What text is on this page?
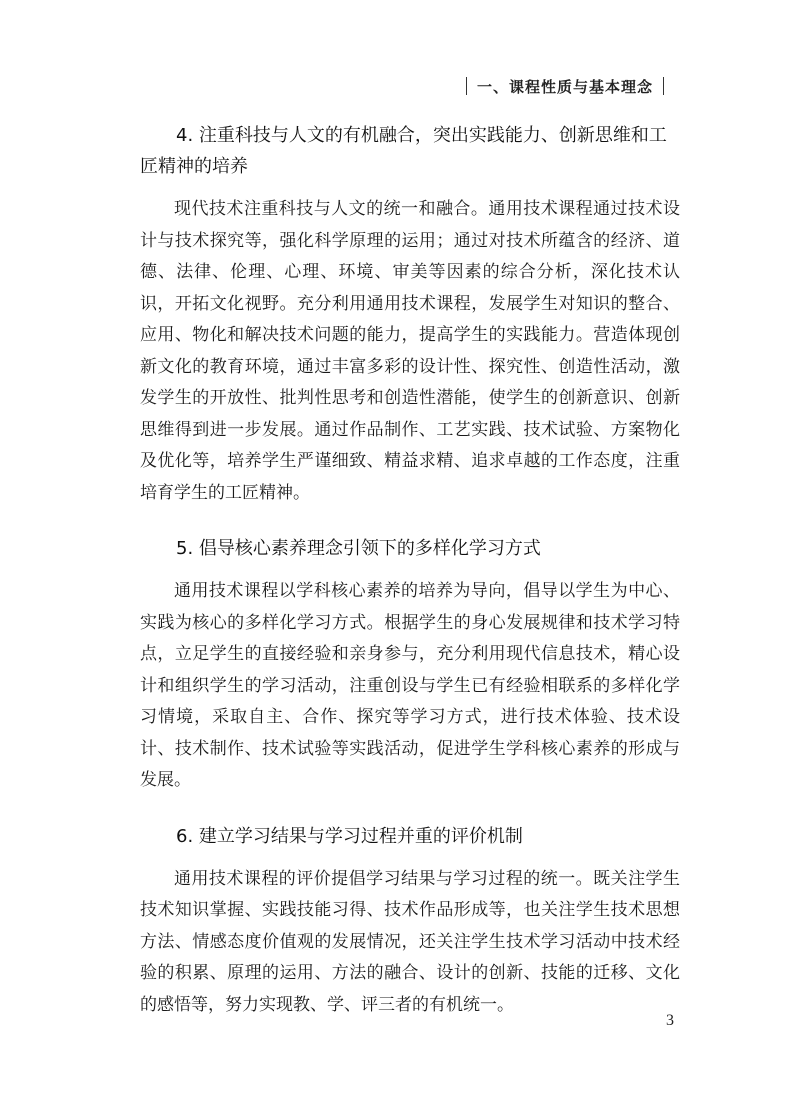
一、课程性质与基本理念
4. 注重科技与人文的有机融合，突出实践能力、创新思维和工匠精神的培养

现代技术注重科技与人文的统一和融合。通用技术课程通过技术设计与技术探究等，强化科学原理的运用；通过对技术所蕴含的经济、道德、法律、伦理、心理、环境、审美等因素的综合分析，深化技术认识，开拓文化视野。充分利用通用技术课程，发展学生对知识的整合、应用、物化和解决技术问题的能力，提高学生的实践能力。营造体现创新文化的教育环境，通过丰富多彩的设计性、探究性、创造性活动，激发学生的开放性、批判性思考和创造性潜能，使学生的创新意识、创新思维得到进一步发展。通过作品制作、工艺实践、技术试验、方案物化及优化等，培养学生严谨细致、精益求精、追求卓越的工作态度，注重培育学生的工匠精神。

5. 倡导核心素养理念引领下的多样化学习方式

通用技术课程以学科核心素养的培养为导向，倡导以学生为中心、实践为核心的多样化学习方式。根据学生的身心发展规律和技术学习特点，立足学生的直接经验和亲身参与，充分利用现代信息技术，精心设计和组织学生的学习活动，注重创设与学生已有经验相联系的多样化学习情境，采取自主、合作、探究等学习方式，进行技术体验、技术设计、技术制作、技术试验等实践活动，促进学生学科核心素养的形成与发展。

6. 建立学习结果与学习过程并重的评价机制

通用技术课程的评价提倡学习结果与学习过程的统一。既关注学生技术知识掌握、实践技能习得、技术作品形成等，也关注学生技术思想方法、情感态度价值观的发展情况，还关注学生技术学习活动中技术经验的积累、原理的运用、方法的融合、设计的创新、技能的迁移、文化的感悟等，努力实现教、学、评三者的有机统一。

3
